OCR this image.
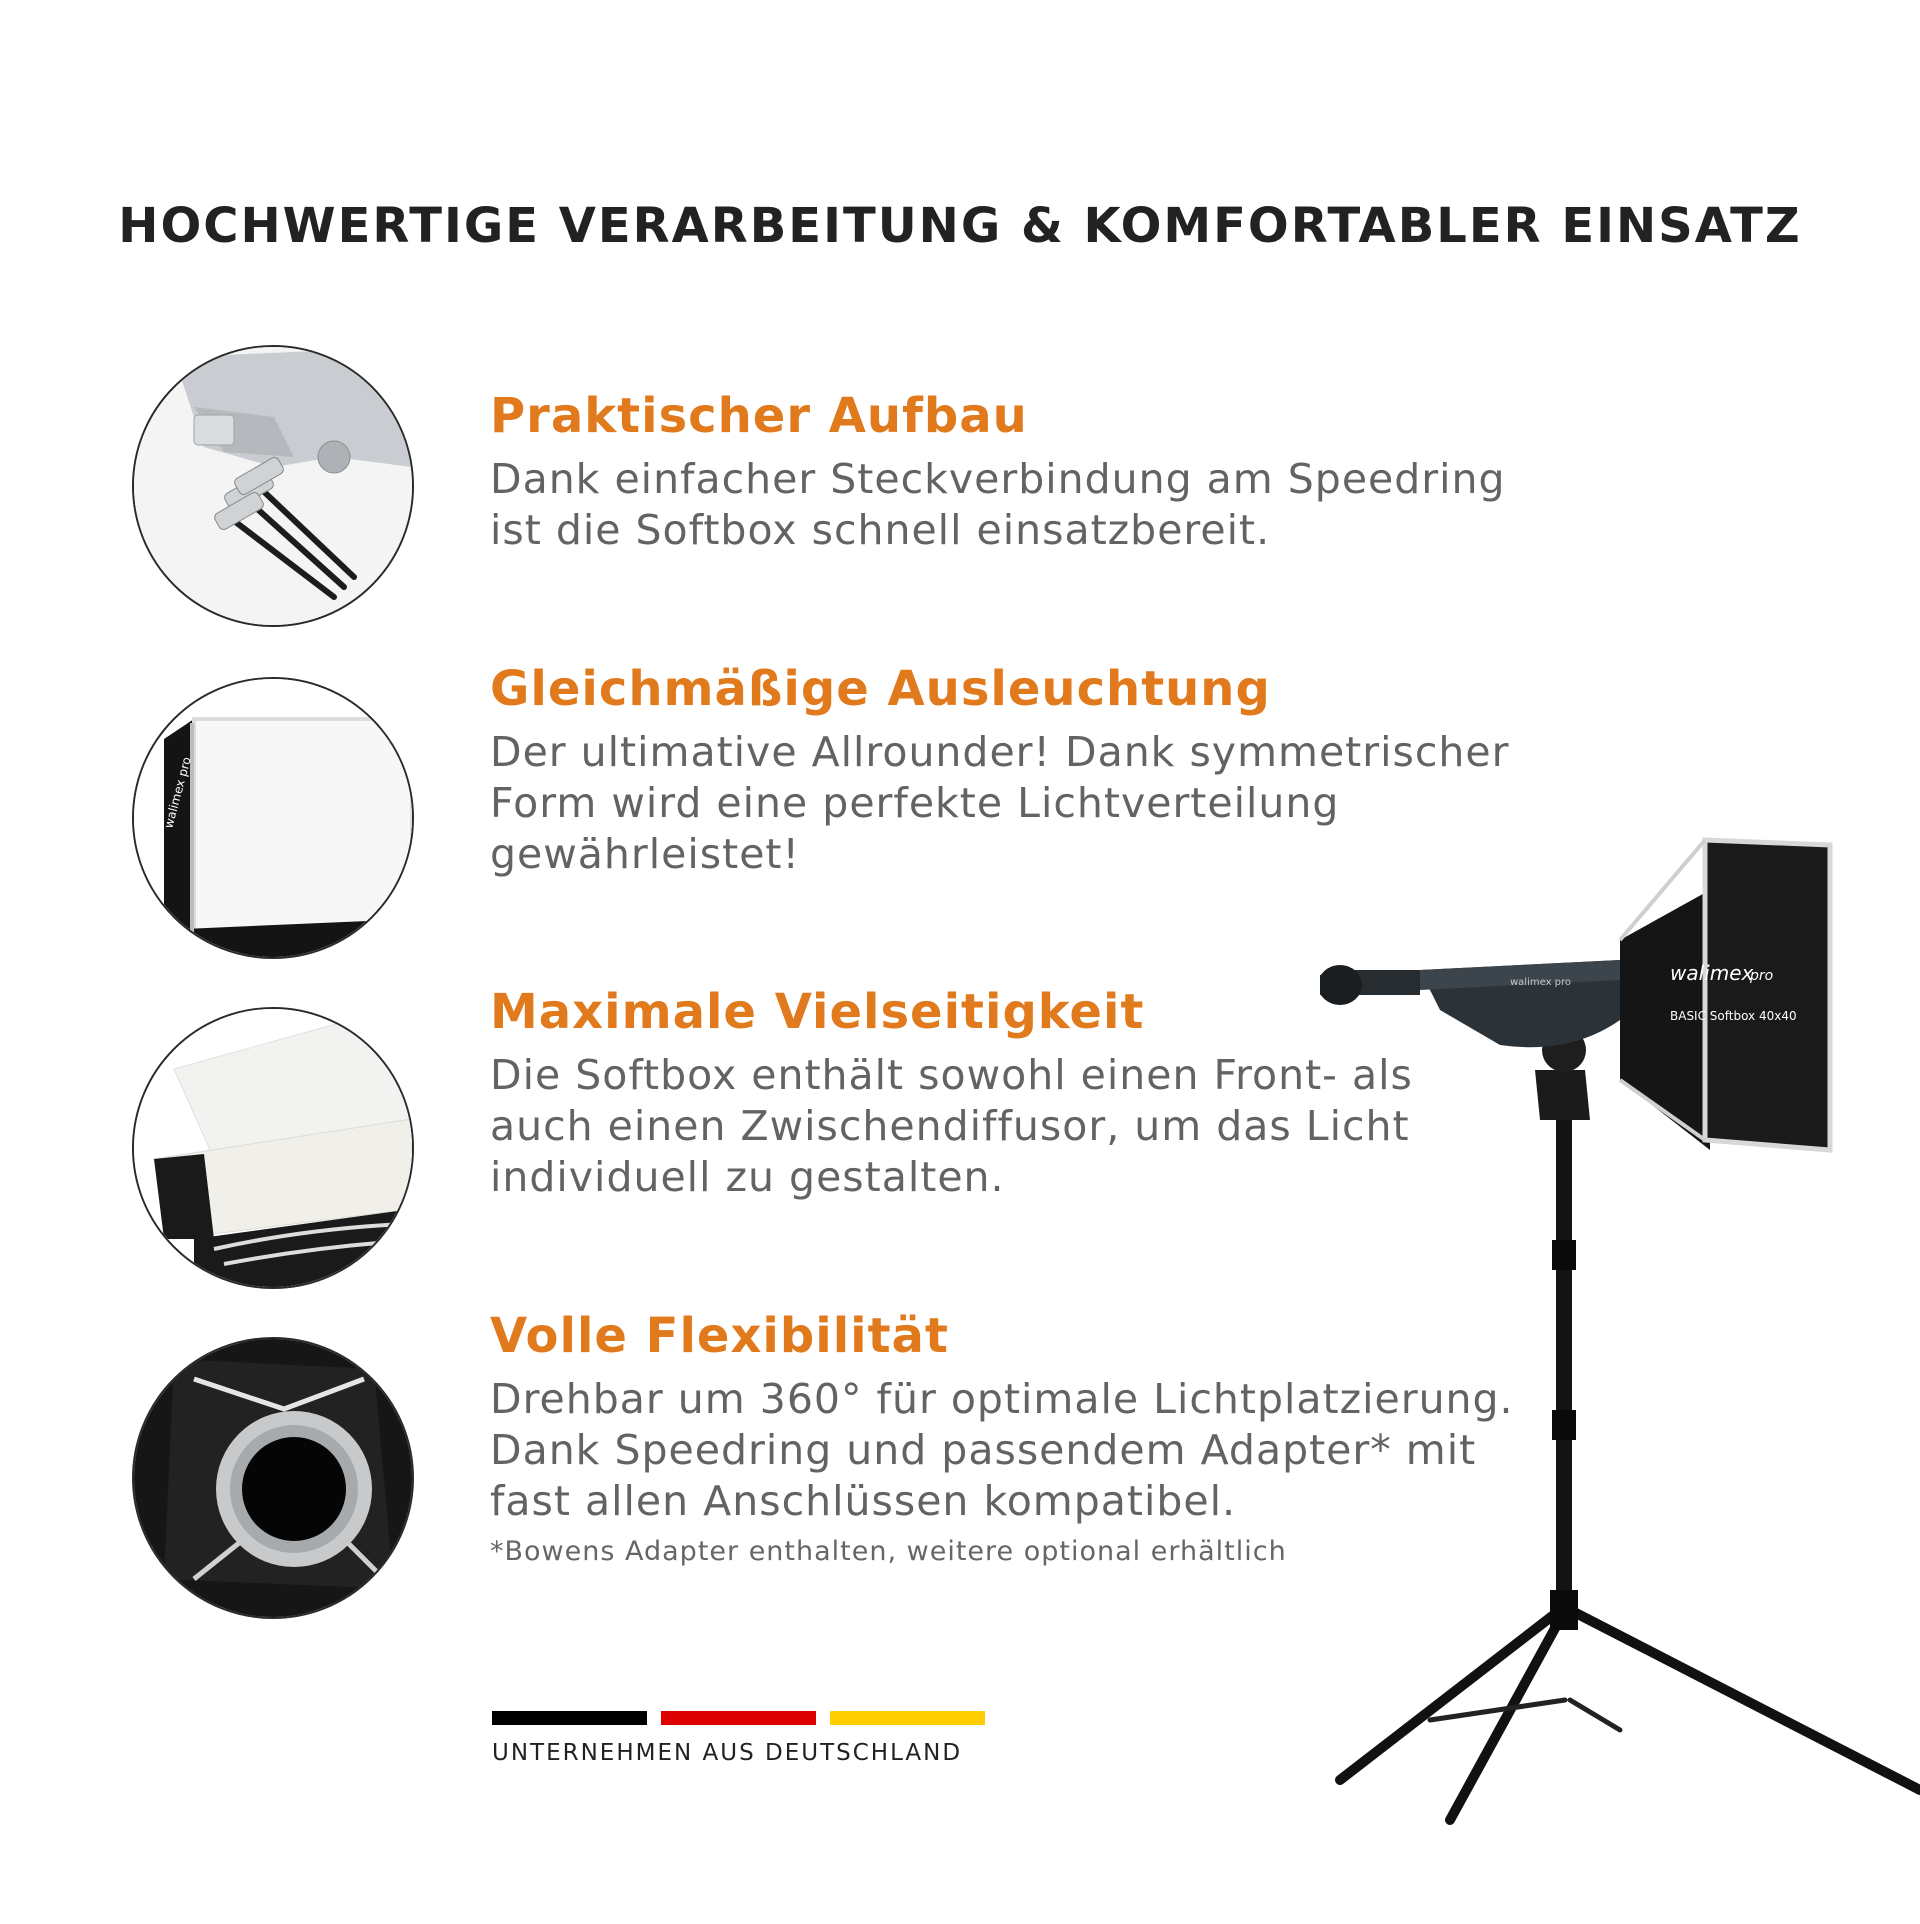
HOCHWERTIGE VERARBEITUNG & KOMFORTABLER EINSATZ
Praktischer Aufbau

Dank einfacher Steckverbindung am Speedring
ist die Softbox schnell einsatzbereit.

walimex pro
Gleichmäßige Ausleuchtung

Der ultimative Allrounder! Dank symmetrischer
Form wird eine perfekte Lichtverteilung
gewährleistet!

Maximale Vielseitigkeit

Die Softbox enthält sowohl einen Front- als
auch einen Zwischendiffusor, um das Licht
individuell zu gestalten.

Volle Flexibilität

Drehbar um 360° für optimale Lichtplatzierung.
Dank Speedring und passendem Adapter* mit
fast allen Anschlüssen kompatibel.

*Bowens Adapter enthalten, weitere optional erhältlich

UNTERNEHMEN AUS DEUTSCHLAND
walimex pro	walimex
pro
BASIC Softbox 40x40
